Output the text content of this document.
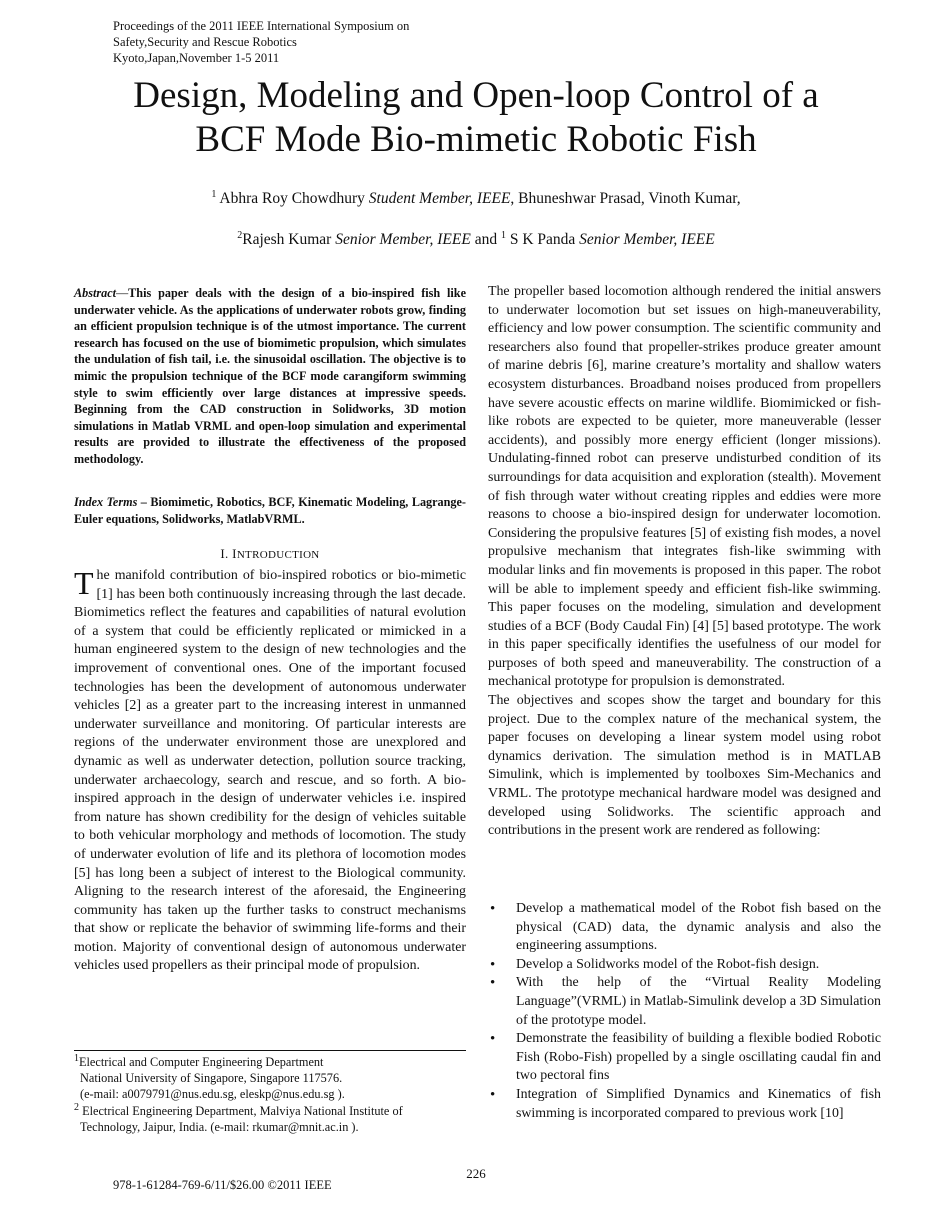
Proceedings of the 2011 IEEE International Symposium on
Safety,Security and Rescue Robotics
Kyoto,Japan,November 1-5 2011
Design, Modeling and Open-loop Control of a
BCF Mode Bio-mimetic Robotic Fish
$^1$ Abhra Roy Chowdhury Student Member, IEEE, Bhuneshwar Prasad, Vinoth Kumar,
$^2$Rajesh Kumar Senior Member, IEEE and $^1$ S K Panda Senior Member, IEEE
Abstract—This paper deals with the design of a bio-inspired fish like underwater vehicle. As the applications of underwater robots grow, finding an efficient propulsion technique is of the utmost importance. The current research has focused on the use of biomimetic propulsion, which simulates the undulation of fish tail, i.e. the sinusoidal oscillation. The objective is to mimic the propulsion technique of the BCF mode carangiform swimming style to swim efficiently over large distances at impressive speeds. Beginning from the CAD construction in Solidworks, 3D motion simulations in Matlab VRML and open-loop simulation and experimental results are provided to illustrate the effectiveness of the proposed methodology.
Index Terms – Biomimetic, Robotics, BCF, Kinematic Modeling, Lagrange-Euler equations, Solidworks, MatlabVRML.
I. INTRODUCTION

The manifold contribution of bio-inspired robotics or bio-mimetic [1] has been both continuously increasing through the last decade. Biomimetics reflect the features and capabilities of natural evolution of a system that could be efficiently replicated or mimicked in a human engineered system to the design of new technologies and the improvement of conventional ones. One of the important focused technologies has been the development of autonomous underwater vehicles [2] as a greater part to the increasing interest in unmanned underwater surveillance and monitoring. Of particular interests are regions of the underwater environment those are unexplored and dynamic as well as underwater detection, pollution source tracking, underwater archaecology, search and rescue, and so forth. A bio-inspired approach in the design of underwater vehicles i.e. inspired from nature has shown credibility for the design of vehicles suitable to both vehicular morphology and methods of locomotion. The study of underwater evolution of life and its plethora of locomotion modes [5] has long been a subject of interest to the Biological community. Aligning to the research interest of the aforesaid, the Engineering community has taken up the further tasks to construct mechanisms that show or replicate the behavior of swimming life-forms and their motion. Majority of conventional design of autonomous underwater vehicles used propellers as their principal mode of propulsion.

$^1$Electrical and Computer Engineering Department
National University of Singapore, Singapore 117576.
(e-mail: a0079791@nus.edu.sg, eleskp@nus.edu.sg ).
$^2$ Electrical Engineering Department, Malviya National Institute of
Technology, Jaipur, India. (e-mail: rkumar@mnit.ac.in ).

The propeller based locomotion although rendered the initial answers to underwater locomotion but set issues on high-maneuverability, efficiency and low power consumption. The scientific community and researchers also found that propeller-strikes produce greater amount of marine debris [6], marine creature’s mortality and shallow waters ecosystem disturbances. Broadband noises produced from propellers have severe acoustic effects on marine wildlife. Biomimicked or fish-like robots are expected to be quieter, more maneuverable (lesser accidents), and possibly more energy efficient (longer missions). Undulating-finned robot can preserve undisturbed condition of its surroundings for data acquisition and exploration (stealth). Movement of fish through water without creating ripples and eddies were more reasons to choose a bio-inspired design for underwater locomotion. Considering the propulsive features [5] of existing fish modes, a novel propulsive mechanism that integrates fish-like swimming with modular links and fin movements is proposed in this paper. The robot will be able to implement speedy and efficient fish-like swimming. This paper focuses on the modeling, simulation and development studies of a BCF (Body Caudal Fin) [4] [5] based prototype. The work in this paper specifically identifies the usefulness of our model for purposes of both speed and maneuverability. The construction of a mechanical prototype for propulsion is demonstrated.

The objectives and scopes show the target and boundary for this project. Due to the complex nature of the mechanical system, the paper focuses on developing a linear system model using robot dynamics derivation. The simulation method is in MATLAB Simulink, which is implemented by toolboxes Sim-Mechanics and VRML. The prototype mechanical hardware model was designed and developed using Solidworks. The scientific approach and contributions in the present work are rendered as following:

• Develop a mathematical model of the Robot fish based on the physical (CAD) data, the dynamic analysis and also the engineering assumptions.
• Develop a Solidworks model of the Robot-fish design.
• With the help of the “Virtual Reality Modeling Language”(VRML) in Matlab-Simulink develop a 3D Simulation of the prototype model.
• Demonstrate the feasibility of building a flexible bodied Robotic Fish (Robo-Fish) propelled by a single oscillating caudal fin and two pectoral fins
• Integration of Simplified Dynamics and Kinematics of fish swimming is incorporated compared to previous work [10]
226
978-1-61284-769-6/11/$26.00 ©2011 IEEE
